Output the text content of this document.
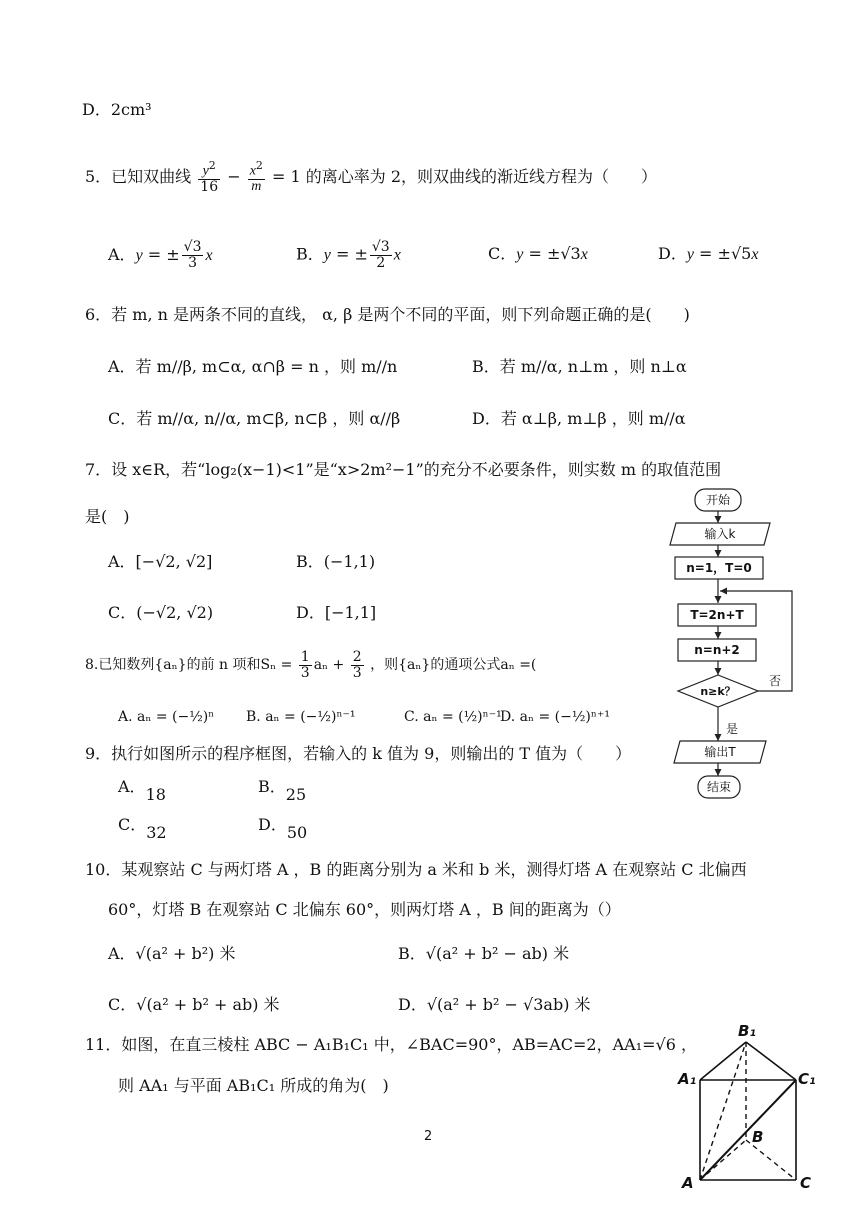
D．2cm³
5．已知双曲线 $\frac{y^2}{16} - \frac{x^2}{m} = 1$ 的离心率为 2，则双曲线的渐近线方程为（　　）
A．y = ± $\frac{√3}{3}$ x	B．y = ± $\frac{√3}{2}$ x	C．y = ±√3x	D．y = ±√5x
6．若 m, n 是两条不同的直线， α, β 是两个不同的平面，则下列命题正确的是(　　)
A．若 m//β, m⊂α, α∩β = n ，则 m//n	B．若 m//α, n⊥m ，则 n⊥α
C．若 m//α, n//α, m⊂β, n⊂β ，则 α//β	D．若 α⊥β, m⊥β ，则 m//α
7．设 x∈R，若“log₂(x−1)<1”是“x>2m²−1”的充分不必要条件，则实数 m 的取值范围
是(　)
A．[−√2, √2]	B．(−1,1)
C．(−√2, √2)	D．[−1,1]
8.已知数列{aₙ}的前 n 项和$S_n = \frac{1}{3}$ $a_n + \frac{2}{3}$ ，则{aₙ}的通项公式aₙ =(
A. aₙ = (−½)ⁿ B. aₙ = (−½)ⁿ⁻¹	C. aₙ = (½)ⁿ⁻¹
D. aₙ = (−½)ⁿ⁺¹
9．执行如图所示的程序框图，若输入的 k 值为 9，则输出的 T 值为（　　）
A．18	B．25
C．32	D．50
开始
输入k
n=1，T=0
T=2n+T
n=n+2
n≥k？
否
是
输出T
结束
10．某观察站 C 与两灯塔 A ，B 的距离分别为 a 米和 b 米，测得灯塔 A 在观察站 C 北偏西
60°，灯塔 B 在观察站 C 北偏东 60°，则两灯塔 A ，B 间的距离为（）
A．√(a² + b²) 米	B．√(a² + b² − ab) 米
C．√(a² + b² + ab) 米	D．√(a² + b² − √3ab) 米
11．如图，在直三棱柱 ABC − A₁B₁C₁ 中，∠BAC=90°，AB=AC=2，AA₁=√6 ，
则 AA₁ 与平面 AB₁C₁ 所成的角为(　)
B₁
A₁	C₁
B
A	C
2
